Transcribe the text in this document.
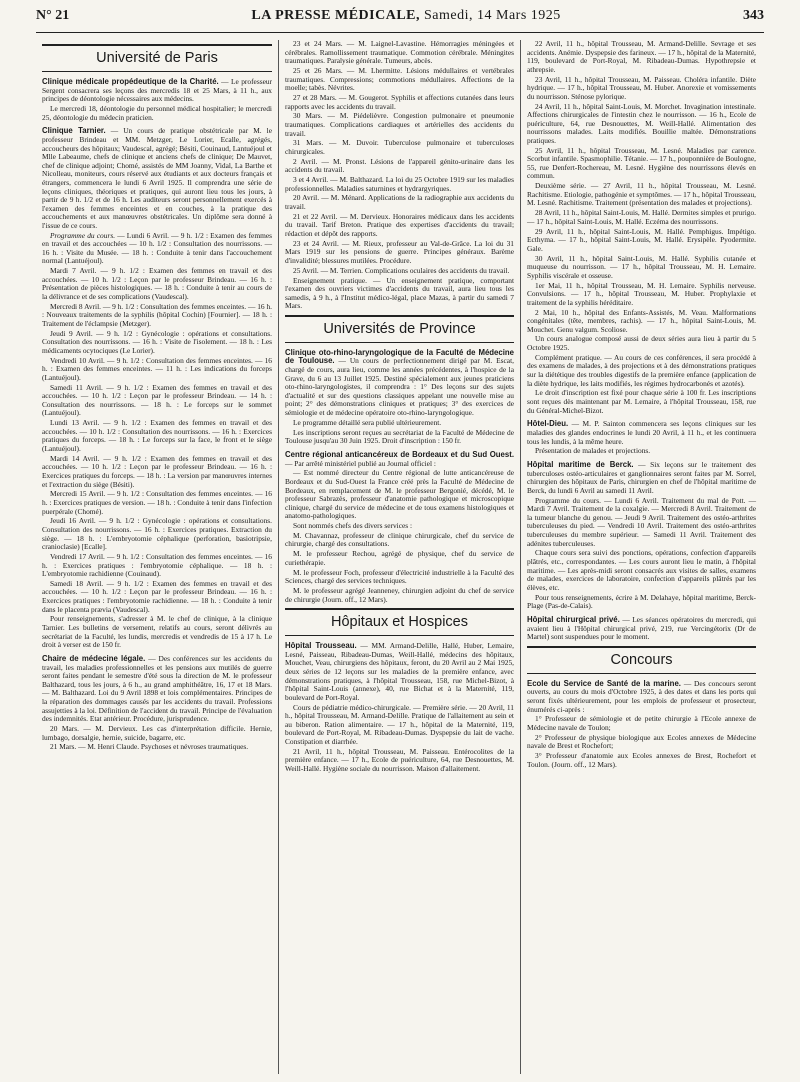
N° 21	LA PRESSE MÉDICALE, Samedi, 14 Mars 1925	343
Université de Paris

Clinique médicale propédeutique de la Charité. — Le professeur Sergent consacrera ses leçons des mercredis 18 et 25 Mars, à 11 h., aux principes de déontologie nécessaires aux médecins.

Le mercredi 18, déontologie du personnel médical hospitalier; le mercredi 25, déontologie du médecin praticien.

Clinique Tarnier. — Un cours de pratique obstétricale par M. le professeur Brindeau et MM. Metzger, Le Lorier, Ecalle, agrégés, accoucheurs des hôpitaux; Vaudescal, agrégé; Bésiti, Couinaud, Lantuéjoul et Mlle Labeaume, chefs de clinique et anciens chefs de clinique; De Mauvet, chef de clinique adjoint; Chomé, assistés de MM Joanny, Vidal, La Barthe et Nicolleau, moniteurs, cours réservé aux étudiants et aux docteurs français et étrangers, commencera le lundi 6 Avril 1925. Il comprendra une série de leçons cliniques, théoriques et pratiques, qui auront lieu tous les jours, à partir de 9 h. 1/2 et de 16 h. Les auditeurs seront personnellement exercés à l'examen des femmes enceintes et en couches, à la pratique des accouchements et aux manœuvres obstétricales. Un diplôme sera donné à l'issue de ce cours.

Programme du cours. — Lundi 6 Avril. — 9 h. 1/2 : Examen des femmes en travail et des accouchées — 10 h. 1/2 : Consultation des nourrissons. — 16 h. : Visite du Musée. — 18 h. : Conduite à tenir dans l'accouchement normal (Lantuéjoul).

Mardi 7 Avril. — 9 h. 1/2 : Examen des femmes en travail et des accouchées. — 10 h. 1/2 : Leçon par le professeur Brindeau. — 16 h. : Présentation de pièces histologiques. — 18 h. : Conduite à tenir au cours de la délivrance et de ses complications (Vaudescal).

Mercredi 8 Avril. — 9 h. 1/2 : Consultation des femmes enceintes. — 16 h. : Nouveaux traitements de la syphilis (hôpital Cochin) [Fournier]. — 18 h. : Traitement de l'éclampsie (Metzger).

Jeudi 9 Avril. — 9 h. 1/2 : Gynécologie : opérations et consultations. Consultation des nourrissons. — 16 h. : Visite de l'isolement. — 18 h. : Les médicaments ocytociques (Le Lorier).

Vendredi 10 Avril. — 9 h. 1/2 : Consultation des femmes enceintes. — 16 h. : Examen des femmes enceintes. — 11 h. : Les indications du forceps (Lantuéjoul).

Samedi 11 Avril. — 9 h. 1/2 : Examen des femmes en travail et des accouchées. — 10 h. 1/2 : Leçon par le professeur Brindeau. — 14 h. : Consultation des nourrissons. — 18 h. : Le forceps sur le sommet (Lantuéjoul).

Lundi 13 Avril. — 9 h. 1/2 : Examen des femmes en travail et des accouchées. — 10 h. 1/2 : Consultation des nourrissons. — 16 h. : Exercices pratiques du forceps. — 18 h. : Le forceps sur la face, le front et le siège (Lantuéjoul).

Mardi 14 Avril. — 9 h. 1/2 : Examen des femmes en travail et des accouchées. — 10 h. 1/2 : Leçon par le professeur Brindeau. — 16 h. : Exercices pratiques du forceps. — 18 h. : La version par manœuvres internes et l'extraction du siège (Bésiti).

Mercredi 15 Avril. — 9 h. 1/2 : Consultation des femmes enceintes. — 16 h. : Exercices pratiques de version. — 18 h. : Conduite à tenir dans l'infection puerpérale (Chomé).

Jeudi 16 Avril. — 9 h. 1/2 : Gynécologie : opérations et consultations. Consultation des nourrissons. — 16 h. : Exercices pratiques. Extraction du siège. — 18 h. : L'embryotomie céphalique (perforation, basiotripsie, cranioclasie) [Ecalle].

Vendredi 17 Avril. — 9 h. 1/2 : Consultation des femmes enceintes. — 16 h. : Exercices pratiques : l'embryotomie céphalique. — 18 h. : L'embryotomie rachidienne (Couinaud).

Samedi 18 Avril. — 9 h. 1/2 : Examen des femmes en travail et des accouchées. — 10 h. 1/2 : Leçon par le professeur Brindeau. — 16 h. : Exercices pratiques : l'embryotomie rachidienne. — 18 h. : Conduite à tenir dans le placenta prævia (Vaudescal).

Pour renseignements, s'adresser à M. le chef de clinique, à la clinique Tarnier. Les bulletins de versement, relatifs au cours, seront délivrés au secrétariat de la Faculté, les lundis, mercredis et vendredis de 15 à 17 h. Le droit à verser est de 150 fr.

Chaire de médecine légale. — Des conférences sur les accidents du travail, les maladies professionnelles et les pensions aux mutilés de guerre seront faites pendant le semestre d'été sous la direction de M. le professeur Balthazard, tous les jours, à 6 h., au grand amphithéâtre, 16, 17 et 18 Mars. — M. Balthazard. Loi du 9 Avril 1898 et lois complémentaires. Principes de la réparation des dommages causés par les accidents du travail. Professions assujetties à la loi. Définition de l'accident du travail. Principe de l'évaluation des indemnités. Etat antérieur. Procédure, jurisprudence.

20 Mars. — M. Dervieux. Les cas d'interprétation difficile. Hernie, lumbago, dorsalgie, hernie, suicide, bagarre, etc.

21 Mars. — M. Henri Claude. Psychoses et névroses traumatiques.

23 et 24 Mars. — M. Laignel-Lavastine. Hémorragies méningées et cérébrales. Ramollissement traumatique. Commotion cérébrale. Méningites traumatiques. Paralysie générale. Tumeurs, abcès.

25 et 26 Mars. — M. Lhermitte. Lésions médullaires et vertébrales traumatiques. Compressions; commotions médullaires. Affections de la moelle; tabès. Névrites.

27 et 28 Mars. — M. Gougerot. Syphilis et affections cutanées dans leurs rapports avec les accidents du travail.

30 Mars. — M. Piédelièvre. Congestion pulmonaire et pneumonie traumatiques. Complications cardiaques et artérielles des accidents du travail.

31 Mars. — M. Duvoir. Tuberculose pulmonaire et tuberculoses chirurgicales.

2 Avril. — M. Pronst. Lésions de l'appareil génito-urinaire dans les accidents du travail.

3 et 4 Avril. — M. Balthazard. La loi du 25 Octobre 1919 sur les maladies professionnelles. Maladies saturnines et hydrargyriques.

20 Avril. — M. Ménard. Applications de la radiographie aux accidents du travail.

21 et 22 Avril. — M. Dervieux. Honoraires médicaux dans les accidents du travail. Tarif Breton. Pratique des expertises d'accidents du travail; rédaction et dépôt des rapports.

23 et 24 Avril. — M. Rieux, professeur au Val-de-Grâce. La loi du 31 Mars 1919 sur les pensions de guerre. Principes généraux. Barème d'invalidité; blessures mutilées. Procédure.

25 Avril. — M. Terrien. Complications oculaires des accidents du travail.

Enseignement pratique. — Un enseignement pratique, comportant l'examen des ouvriers victimes d'accidents du travail, aura lieu tous les samedis, à 9 h., à l'Institut médico-légal, place Mazas, à partir du samedi 7 Mars.

Universités de Province

Clinique oto-rhino-laryngologique de la Faculté de Médecine de Toulouse. — Un cours de perfectionnement dirigé par M. Escat, chargé de cours, aura lieu, comme les années précédentes, à l'hospice de la Grave, du 6 au 13 Juillet 1925. Destiné spécialement aux jeunes praticiens oto-rhino-laryngologistes, il comprendra : 1° Des leçons sur des sujets d'actualité et sur des questions classiques appelant une nouvelle mise au point; 2° des démonstrations cliniques et pratiques; 3° des exercices de sémiologie et de médecine opératoire oto-rhino-laryngologique.

Le programme détaillé sera publié ultérieurement.

Les inscriptions seront reçues au secrétariat de la Faculté de Médecine de Toulouse jusqu'au 30 Juin 1925. Droit d'inscription : 150 fr.

Centre régional anticancéreux de Bordeaux et du Sud Ouest. — Par arrêté ministériel publié au Journal officiel :

— Est nommé directeur du Centre régional de lutte anticancéreuse de Bordeaux et du Sud-Ouest la France créé près la Faculté de Médecine de Bordeaux, en remplacement de M. le professeur Bergonié, décédé, M. le professeur Sabrazès, professeur d'anatomie pathologique et microscopique clinique, chargé du service de médecine et de tous examens histologiques et anatomo-pathologiques.

Sont nommés chefs des divers services :

M. Chavannaz, professeur de clinique chirurgicale, chef du service de chirurgie, chargé des consultations.

M. le professeur Rechou, agrégé de physique, chef du service de curiethérapie.

M. le professeur Foch, professeur d'électricité industrielle à la Faculté des Sciences, chargé des services techniques.

M. le professeur agrégé Jeanneney, chirurgien adjoint du chef de service de chirurgie (Journ. off., 12 Mars).

Hôpitaux et Hospices

Hôpital Trousseau. — MM. Armand-Delille, Hallé, Huber, Lemaire, Lesné, Paisseau, Ribadeau-Dumas, Weill-Hallé, médecins des hôpitaux, Mouchet, Veau, chirurgiens des hôpitaux, feront, du 20 Avril au 2 Mai 1925, deux séries de 12 leçons sur les maladies de la première enfance, avec démonstrations pratiques, à l'hôpital Trousseau, 158, rue Michel-Bizot, à l'hôpital Saint-Louis (annexe), 40, rue Bichat et à la Maternité, 119, boulevard de Port-Royal.

Cours de pédiatrie médico-chirurgicale. — Première série. — 20 Avril, 11 h., hôpital Trousseau, M. Armand-Delille. Pratique de l'allaitement au sein et au biberon. Ration alimentaire. — 17 h., hôpital de la Maternité, 119, boulevard de Port-Royal, M. Ribadeau-Dumas. Dyspepsie du lait de vache. Constipation et diarrhée.

21 Avril, 11 h., hôpital Trousseau, M. Paisseau. Entérocolites de la première enfance. — 17 h., Ecole de puériculture, 64, rue Desnouettes, M. Weill-Hallé. Hygiène sociale du nourrisson. Maison d'allaitement.

22 Avril, 11 h., hôpital Trousseau, M. Armand-Delille. Sevrage et ses accidents. Anémie. Dyspepsie des farineux. — 17 h., hôpital de la Maternité, 119, boulevard de Port-Royal, M. Ribadeau-Dumas. Hypothrepsie et athrepsie.

23 Avril, 11 h., hôpital Trousseau, M. Paisseau. Choléra infantile. Diète hydrique. — 17 h., hôpital Trousseau, M. Huber. Anorexie et vomissements du nourrisson. Sténose pylorique.

24 Avril, 11 h., hôpital Saint-Louis, M. Morchet. Invagination intestinale. Affections chirurgicales de l'intestin chez le nourrisson. — 16 h., Ecole de puériculture, 64, rue Desnouettes, M. Weill-Hallé. Alimentation des nourrissons malades. Laits modifiés. Bouillie maltée. Démonstrations pratiques.

25 Avril, 11 h., hôpital Trousseau, M. Lesné. Maladies par carence. Scorbut infantile. Spasmophilie. Tétanie. — 17 h., pouponnière de Boulogne, 55, rue Denfert-Rochereau, M. Lesné. Hygiène des nourrissons élevés en commun.

Deuxième série. — 27 Avril, 11 h., hôpital Trousseau, M. Lesné. Rachitisme. Etiologie, pathogénie et symptômes. — 17 h., hôpital Trousseau, M. Lesné. Rachitisme. Traitement (présentation des malades et projections).

28 Avril, 11 h., hôpital Saint-Louis, M. Hallé. Dermites simples et prurigo. — 17 h., hôpital Saint-Louis, M. Hallé. Eczéma des nourrissons.

29 Avril, 11 h., hôpital Saint-Louis, M. Hallé. Pemphigus. Impétigo. Ecthyma. — 17 h., hôpital Saint-Louis, M. Hallé. Erysipèle. Pyodermite. Gale.

30 Avril, 11 h., hôpital Saint-Louis, M. Hallé. Syphilis cutanée et muqueuse du nourrisson. — 17 h., hôpital Trousseau, M. H. Lemaire. Syphilis viscérale et osseuse.

1er Mai, 11 h., hôpital Trousseau, M. H. Lemaire. Syphilis nerveuse. Convulsions. — 17 h., hôpital Trousseau, M. Huber. Prophylaxie et traitement de la syphilis héréditaire.

2 Mai, 10 h., hôpital des Enfants-Assistés, M. Veau. Malformations congénitales (tête, membres, rachis). — 17 h., hôpital Saint-Louis, M. Mouchet. Genu valgum. Scoliose.

Un cours analogue composé aussi de deux séries aura lieu à partir du 5 Octobre 1925.

Complément pratique. — Au cours de ces conférences, il sera procédé à des examens de malades, à des projections et à des démonstrations pratiques sur la diététique des troubles digestifs de la première enfance (application de la diète hydrique, les laits modifiés, les régimes hydrocarbonés et azotés).

Le droit d'inscription est fixé pour chaque série à 100 fr. Les inscriptions sont reçues dès maintenant par M. Lemaire, à l'hôpital Trousseau, 158, rue du Général-Michel-Bizot.

Hôtel-Dieu. — M. P. Sainton commencera ses leçons cliniques sur les maladies des glandes endocrines le lundi 20 Avril, à 11 h., et les continuera tous les lundis, à la même heure.

Présentation de malades et projections.

Hôpital maritime de Berck. — Six leçons sur le traitement des tuberculoses ostéo-articulaires et ganglionnaires seront faites par M. Sorrel, chirurgien des hôpitaux de Paris, chirurgien en chef de l'hôpital maritime de Berck, du lundi 6 Avril au samedi 11 Avril.

Programme du cours. — Lundi 6 Avril. Traitement du mal de Pott. — Mardi 7 Avril. Traitement de la coxalgie. — Mercredi 8 Avril. Traitement de la tumeur blanche du genou. — Jeudi 9 Avril. Traitement des ostéo-arthrites tuberculeuses du pied. — Vendredi 10 Avril. Traitement des ostéo-arthrites tuberculeuses du membre supérieur. — Samedi 11 Avril. Traitement des adénites tuberculeuses.

Chaque cours sera suivi des ponctions, opérations, confection d'appareils plâtrés, etc., correspondantes. — Les cours auront lieu le matin, à l'hôpital maritime. — Les après-midi seront consacrés aux visites de salles, examens de malades, exercices de laboratoire, confection d'appareils plâtrés par les élèves, etc.

Pour tous renseignements, écrire à M. Delahaye, hôpital maritime, Berck-Plage (Pas-de-Calais).

Hôpital chirurgical privé. — Les séances opératoires du mercredi, qui avaient lieu à l'Hôpital chirurgical privé, 219, rue Vercingétorix (Dr de Martel) sont suspendues pour le moment.

Concours

Ecole du Service de Santé de la marine. — Des concours seront ouverts, au cours du mois d'Octobre 1925, à des dates et dans les ports qui seront fixés ultérieurement, pour les emplois de professeur et prosecteur, énumérés ci-après :

1° Professeur de sémiologie et de petite chirurgie à l'Ecole annexe de Médecine navale de Toulon;

2° Professeur de physique biologique aux Ecoles annexes de Médecine navale de Brest et Rochefort;

3° Professeur d'anatomie aux Ecoles annexes de Brest, Rochefort et Toulon. (Journ. off., 12 Mars).
